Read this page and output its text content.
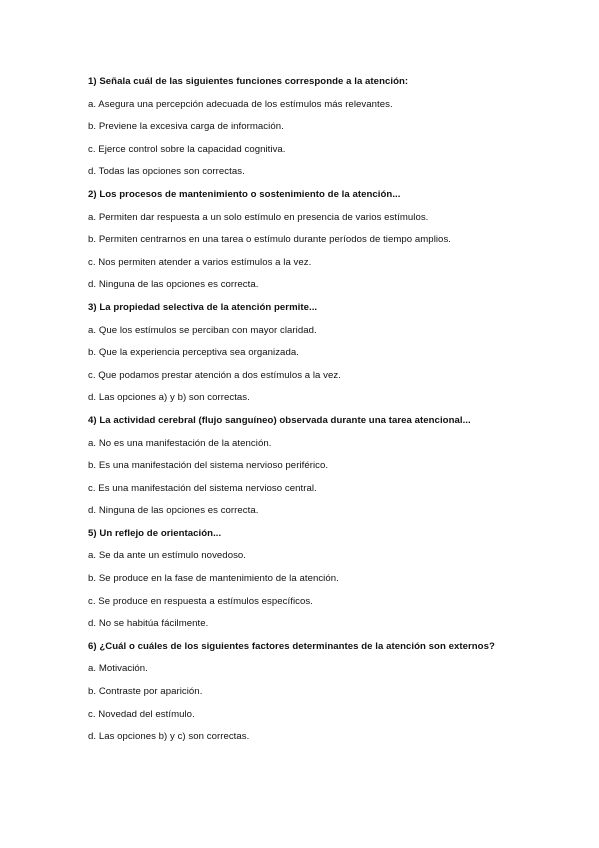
1) Señala cuál de las siguientes funciones corresponde a la atención:
a. Asegura una percepción adecuada de los estímulos más relevantes.
b. Previene la excesiva carga de información.
c. Ejerce control sobre la capacidad cognitiva.
d. Todas las opciones son correctas.
2) Los procesos de mantenimiento o sostenimiento de la atención...
a. Permiten dar respuesta a un solo estímulo en presencia de varios estímulos.
b. Permiten centrarnos en una tarea o estímulo durante períodos de tiempo amplios.
c. Nos permiten atender a varios estímulos a la vez.
d. Ninguna de las opciones es correcta.
3) La propiedad selectiva de la atención permite...
a. Que los estímulos se perciban con mayor claridad.
b. Que la experiencia perceptiva sea organizada.
c. Que podamos prestar atención a dos estímulos a la vez.
d. Las opciones a) y b) son correctas.
4) La actividad cerebral (flujo sanguíneo) observada durante una tarea atencional...
a. No es una manifestación de la atención.
b. Es una manifestación del sistema nervioso periférico.
c. Es una manifestación del sistema nervioso central.
d. Ninguna de las opciones es correcta.
5) Un reflejo de orientación...
a. Se da ante un estímulo novedoso.
b. Se produce en la fase de mantenimiento de la atención.
c. Se produce en respuesta a estímulos específicos.
d. No se habitúa fácilmente.
6) ¿Cuál o cuáles de los siguientes factores determinantes de la atención son externos?
a. Motivación.
b. Contraste por aparición.
c. Novedad del estímulo.
d. Las opciones b) y c) son correctas.
